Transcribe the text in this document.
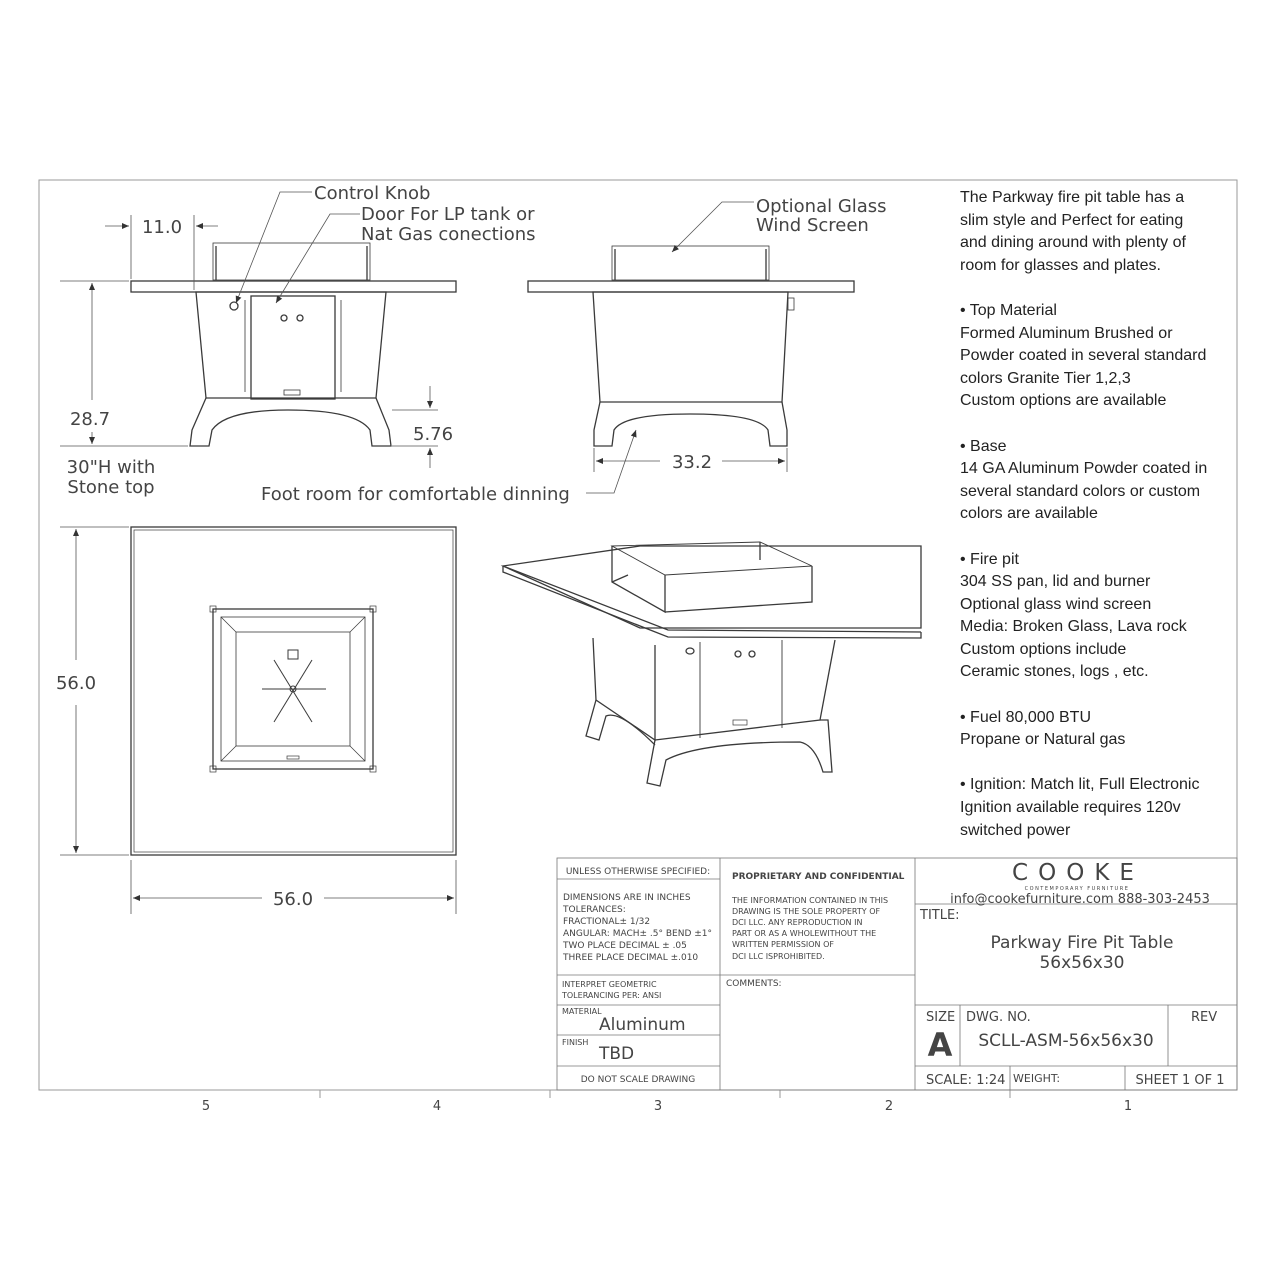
5	4	3	2	1
11.0
28.7
5.76
30"H with
Stone top
Control Knob
Door For LP tank or
Nat Gas conections
33.2
Foot room for comfortable dinning
Optional Glass
Wind Screen
56.0
56.0
UNLESS OTHERWISE SPECIFIED:
DIMENSIONS ARE IN INCHES
TOLERANCES:
FRACTIONAL± 1/32
ANGULAR: MACH± .5° BEND ±1°
TWO PLACE DECIMAL ± .05
THREE PLACE DECIMAL ±.010
INTERPRET GEOMETRIC
TOLERANCING PER: ANSI
MATERIAL
Aluminum
FINISH
TBD
DO NOT SCALE DRAWING
PROPRIETARY AND CONFIDENTIAL
THE INFORMATION CONTAINED IN THIS
DRAWING IS THE SOLE PROPERTY OF
DCI LLC. ANY REPRODUCTION IN
PART OR AS A WHOLEWITHOUT THE
WRITTEN PERMISSION OF
DCI LLC ISPROHIBITED.
COMMENTS:
COOKE
CONTEMPORARY FURNITURE
info@cookefurniture.com 888-303-2453
TITLE:
Parkway Fire Pit Table
56x56x30
SIZE
A
DWG. NO.
SCLL-ASM-56x56x30
REV
SCALE: 1:24 WEIGHT:	SHEET 1 OF 1

The Parkway fire pit table has a

slim style and Perfect for eating

and dining around with plenty of

room for glasses and plates.

• Top Material

Formed Aluminum Brushed or

Powder coated in several standard

colors Granite Tier 1,2,3

Custom options are available

• Base

14 GA Aluminum Powder coated in

several standard colors or custom

colors are available

• Fire pit

304 SS pan, lid and burner

Optional glass wind screen

Media: Broken Glass, Lava rock

Custom options include

Ceramic stones, logs , etc.

• Fuel 80,000 BTU

Propane or Natural gas

• Ignition: Match lit, Full Electronic

Ignition available requires 120v

switched power
